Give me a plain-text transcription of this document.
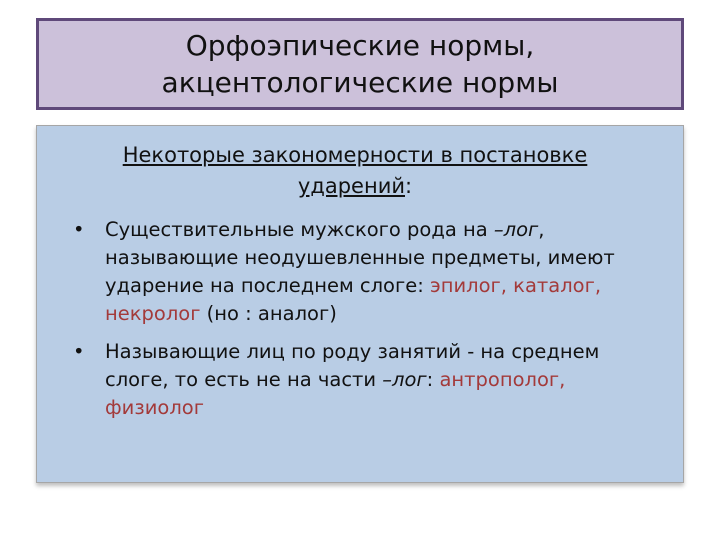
Орфоэпические нормы,
акцентологические нормы
Некоторые закономерности в постановке ударений:
• Существительные мужского рода на –лог, называющие неодушевленные предметы, имеют ударение на последнем слоге: эпилог, каталог, некролог (но : аналог)
• Называющие лиц по роду занятий - на среднем слоге, то есть не на части –лог: антрополог, физиолог
